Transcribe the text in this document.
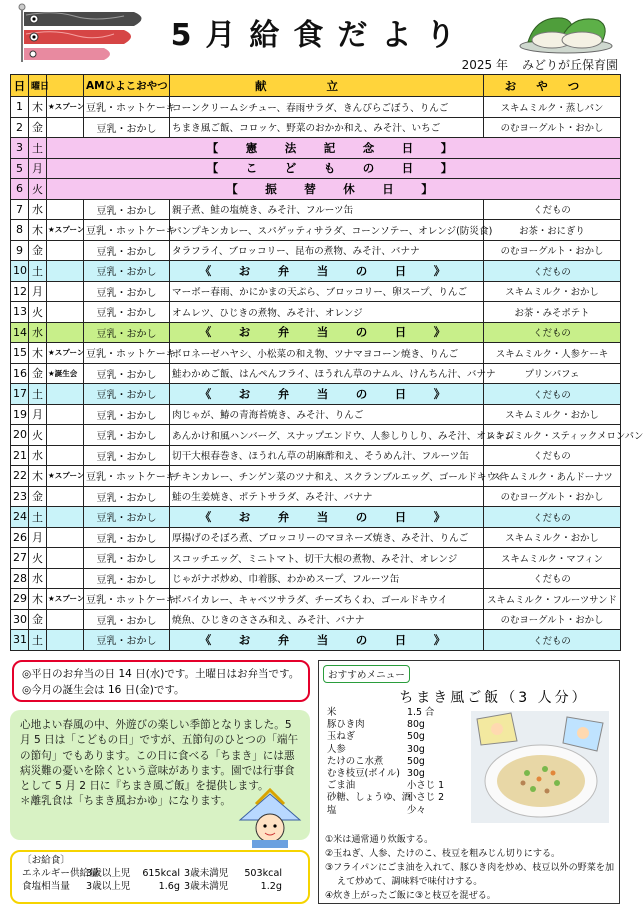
5月給食だより
2025 年 みどりが丘保育園
日	曜日		AMひよこおやつ	献立	おやつ
1	木	★スプーン	豆乳・ホットケーキ	コーンクリームシチュー、春雨サラダ、きんぴらごぼう、りんご	スキムミルク・蒸しパン
2	金		豆乳・おかし	ちまき風ご飯、コロッケ、野菜のおかか和え、みそ汁、いちご	のむヨーグルト・おかし
3	土	【　憲　法　記　念　日　】			
5	月	【　こ　ど　も　の　日　】			
6	火	【　振　替　休　日　】			
7	水		豆乳・おかし	親子煮、鮭の塩焼き、みそ汁、フルーツ缶	くだもの
8	木	★スプーン	豆乳・ホットケーキ	パンプキンカレー、スパゲッティサラダ、コーンソテー、オレンジ(防災食)	お茶・おにぎり
9	金		豆乳・おかし	タラフライ、ブロッコリー、昆布の煮物、みそ汁、バナナ	のむヨーグルト・おかし
10	土		豆乳・おかし	《　お　弁　当　の　日　》	くだもの
12	月		豆乳・おかし	マーボー春雨、かにかまの天ぷら、ブロッコリー、卵スープ、りんご	スキムミルク・おかし
13	火		豆乳・おかし	オムレツ、ひじきの煮物、みそ汁、オレンジ	お茶・みそポテト
14	水		豆乳・おかし	《　お　弁　当　の　日　》	くだもの
15	木	★スプーン	豆乳・ホットケーキ	ボロネーゼハヤシ、小松菜の和え物、ツナマヨコーン焼き、りんご	スキムミルク・人参ケーキ
16	金	★誕生会	豆乳・おかし	鮭わかめご飯、はんぺんフライ、ほうれん草のナムル、けんちん汁、バナナ	プリンパフェ
17	土		豆乳・おかし	《　お　弁　当　の　日　》	くだもの
19	月		豆乳・おかし	肉じゃが、鰆の青海苔焼き、みそ汁、りんご	スキムミルク・おかし
20	火		豆乳・おかし	あんかけ和風ハンバーグ、スナップエンドウ、人参しりしり、みそ汁、オレンジ	スキムミルク・スティックメロンパン
21	水		豆乳・おかし	切干大根春巻き、ほうれん草の胡麻酢和え、そうめん汁、フルーツ缶	くだもの
22	木	★スプーン	豆乳・ホットケーキ	チキンカレー、チンゲン菜のツナ和え、スクランブルエッグ、ゴールドキウイ	スキムミルク・あんドーナツ
23	金		豆乳・おかし	鮭の生姜焼き、ポテトサラダ、みそ汁、バナナ	のむヨーグルト・おかし
24	土		豆乳・おかし	《　お　弁　当　の　日　》	くだもの
26	月		豆乳・おかし	厚揚げのそぼろ煮、ブロッコリーのマヨネーズ焼き、みそ汁、りんご	スキムミルク・おかし
27	火		豆乳・おかし	スコッチエッグ、ミニトマト、切干大根の煮物、みそ汁、オレンジ	スキムミルク・マフィン
28	水		豆乳・おかし	じゃがナポ炒め、巾着豚、わかめスープ、フルーツ缶	くだもの
29	木	★スプーン	豆乳・ホットケーキ	ポパイカレー、キャベツサラダ、チーズちくわ、ゴールドキウイ	スキムミルク・フルーツサンド
30	金		豆乳・おかし	焼魚、ひじきのささみ和え、みそ汁、バナナ	のむヨーグルト・おかし
31	土		豆乳・おかし	《　お　弁　当　の　日　》	くだもの
◎平日のお弁当の日 14 日(水)です。土曜日はお弁当です。
◎今月の誕生会は 16 日(金)です。

心地よい春風の中、外遊びの楽しい季節となりました。5 月 5 日は「こどもの日」ですが、五節句のひとつの「端午の節句」でもあります。この日に食べる「ちまき」には悪病災難の憂いを除くという意味があります。園では行事食として 5 月 2 日に『ちまき風ご飯』を提供します。

＊離乳食は「ちまき風おかゆ」になります。

〔お給食〕
エネルギー供給量
3歳以上児	615kcal 3歳未満児	503kcal
食塩相当量	3歳以上児	1.6g 3歳未満児	1.2g
おすすめメニュー
ちまき風ご飯（3 人分）
米	1.5 合
豚ひき肉	80g
玉ねぎ	50g
人参	30g
たけのこ水煮	50g
むき枝豆(ボイル) 30g
ごま油	小さじ 1
砂糖、しょうゆ、酒
小さじ 2
塩	少々
①米は通常通り炊飯する。
②玉ねぎ、人参、たけのこ、枝豆を粗みじん切りにする。
③フライパンにごま油を入れて、豚ひき肉を炒め、枝豆以外の野菜を加
えて炒めて、調味料で味付けする。
④炊き上がったご飯に③と枝豆を混ぜる。
